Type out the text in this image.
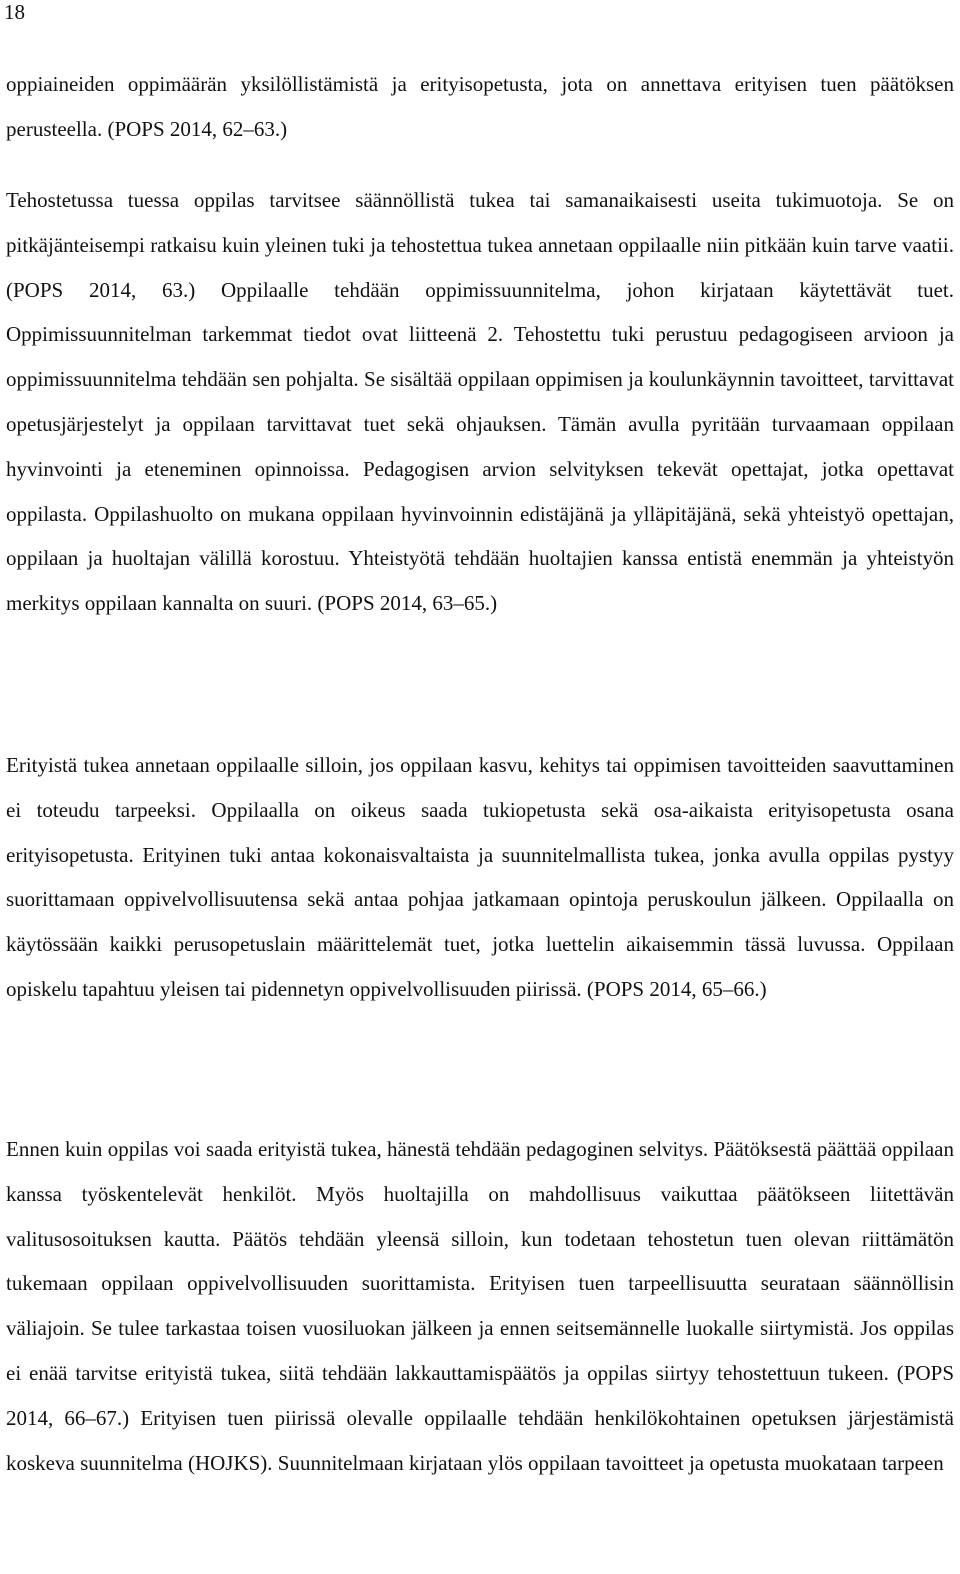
18

oppiaineiden oppimäärän yksilöllistämistä ja erityisopetusta, jota on annettava erityisen tuen päätöksen perusteella. (POPS 2014, 62–63.)

Tehostetussa tuessa oppilas tarvitsee säännöllistä tukea tai samanaikaisesti useita tukimuotoja. Se on pitkäjänteisempi ratkaisu kuin yleinen tuki ja tehostettua tukea annetaan oppilaalle niin pitkään kuin tarve vaatii. (POPS 2014, 63.) Oppilaalle tehdään oppimissuunnitelma, johon kirjataan käytettävät tuet. Oppimissuunnitelman tarkemmat tiedot ovat liitteenä 2. Tehostettu tuki perustuu pedagogiseen arvioon ja oppimissuunnitelma tehdään sen pohjalta. Se sisältää oppilaan oppimisen ja koulunkäynnin tavoitteet, tarvittavat opetusjärjestelyt ja oppilaan tarvittavat tuet sekä ohjauksen. Tämän avulla pyritään turvaamaan oppilaan hyvinvointi ja eteneminen opinnoissa. Pedagogisen arvion selvityksen tekevät opettajat, jotka opettavat oppilasta. Oppilashuolto on mukana oppilaan hyvinvoinnin edistäjänä ja ylläpitäjänä, sekä yhteistyö opettajan, oppilaan ja huoltajan välillä korostuu. Yhteistyötä tehdään huoltajien kanssa entistä enemmän ja yhteistyön merkitys oppilaan kannalta on suuri. (POPS 2014, 63–65.)

Erityistä tukea annetaan oppilaalle silloin, jos oppilaan kasvu, kehitys tai oppimisen tavoitteiden saavuttaminen ei toteudu tarpeeksi. Oppilaalla on oikeus saada tukiopetusta sekä osa-aikaista erityisopetusta osana erityisopetusta. Erityinen tuki antaa kokonaisvaltaista ja suunnitelmallista tukea, jonka avulla oppilas pystyy suorittamaan oppivelvollisuutensa sekä antaa pohjaa jatkamaan opintoja peruskoulun jälkeen. Oppilaalla on käytössään kaikki perusopetuslain määrittelemät tuet, jotka luettelin aikaisemmin tässä luvussa. Oppilaan opiskelu tapahtuu yleisen tai pidennetyn oppivelvollisuuden piirissä. (POPS 2014, 65–66.)

Ennen kuin oppilas voi saada erityistä tukea, hänestä tehdään pedagoginen selvitys. Päätöksestä päättää oppilaan kanssa työskentelevät henkilöt. Myös huoltajilla on mahdollisuus vaikuttaa päätökseen liitettävän valitusosoituksen kautta. Päätös tehdään yleensä silloin, kun todetaan tehostetun tuen olevan riittämätön tukemaan oppilaan oppivelvollisuuden suorittamista. Erityisen tuen tarpeellisuutta seurataan säännöllisin väliajoin. Se tulee tarkastaa toisen vuosiluokan jälkeen ja ennen seitsemännelle luokalle siirtymistä. Jos oppilas ei enää tarvitse erityistä tukea, siitä tehdään lakkauttamispäätös ja oppilas siirtyy tehostettuun tukeen. (POPS 2014, 66–67.) Erityisen tuen piirissä olevalle oppilaalle tehdään henkilökohtainen opetuksen järjestämistä koskeva suunnitelma (HOJKS). Suunnitelmaan kirjataan ylös oppilaan tavoitteet ja opetusta muokataan tarpeen
